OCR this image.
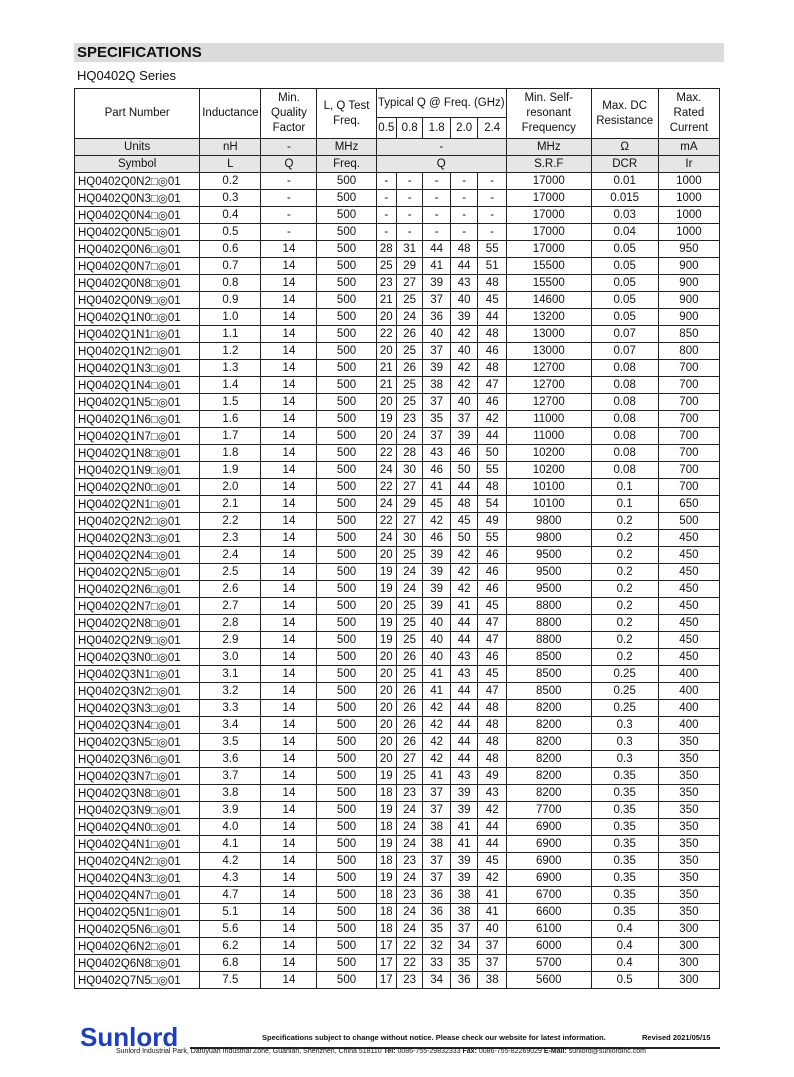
SPECIFICATIONS
HQ0402Q Series
Part Number	Inductance	Min. Quality Factor	L, Q Test Freq.	Typical Q @ Freq. (GHz)					Min. Self-resonant Frequency	Max. DC Resistance	Max. Rated Current
				0.5	0.8	1.8	2.0	2.4			
Units	nH	-	MHz	-					MHz	Ω	mA
Symbol	L	Q	Freq.	Q					S.R.F	DCR	Ir
HQ0402Q0N2□◎01	0.2	-	500	-	-	-	-	-	17000	0.01	1000
HQ0402Q0N3□◎01	0.3	-	500	-	-	-	-	-	17000	0.015	1000
HQ0402Q0N4□◎01	0.4	-	500	-	-	-	-	-	17000	0.03	1000
HQ0402Q0N5□◎01	0.5	-	500	-	-	-	-	-	17000	0.04	1000
HQ0402Q0N6□◎01	0.6	14	500	28	31	44	48	55	17000	0.05	950
HQ0402Q0N7□◎01	0.7	14	500	25	29	41	44	51	15500	0.05	900
HQ0402Q0N8□◎01	0.8	14	500	23	27	39	43	48	15500	0.05	900
HQ0402Q0N9□◎01	0.9	14	500	21	25	37	40	45	14600	0.05	900
HQ0402Q1N0□◎01	1.0	14	500	20	24	36	39	44	13200	0.05	900
HQ0402Q1N1□◎01	1.1	14	500	22	26	40	42	48	13000	0.07	850
HQ0402Q1N2□◎01	1.2	14	500	20	25	37	40	46	13000	0.07	800
HQ0402Q1N3□◎01	1.3	14	500	21	26	39	42	48	12700	0.08	700
HQ0402Q1N4□◎01	1.4	14	500	21	25	38	42	47	12700	0.08	700
HQ0402Q1N5□◎01	1.5	14	500	20	25	37	40	46	12700	0.08	700
HQ0402Q1N6□◎01	1.6	14	500	19	23	35	37	42	11000	0.08	700
HQ0402Q1N7□◎01	1.7	14	500	20	24	37	39	44	11000	0.08	700
HQ0402Q1N8□◎01	1.8	14	500	22	28	43	46	50	10200	0.08	700
HQ0402Q1N9□◎01	1.9	14	500	24	30	46	50	55	10200	0.08	700
HQ0402Q2N0□◎01	2.0	14	500	22	27	41	44	48	10100	0.1	700
HQ0402Q2N1□◎01	2.1	14	500	24	29	45	48	54	10100	0.1	650
HQ0402Q2N2□◎01	2.2	14	500	22	27	42	45	49	9800	0.2	500
HQ0402Q2N3□◎01	2.3	14	500	24	30	46	50	55	9800	0.2	450
HQ0402Q2N4□◎01	2.4	14	500	20	25	39	42	46	9500	0.2	450
HQ0402Q2N5□◎01	2.5	14	500	19	24	39	42	46	9500	0.2	450
HQ0402Q2N6□◎01	2.6	14	500	19	24	39	42	46	9500	0.2	450
HQ0402Q2N7□◎01	2.7	14	500	20	25	39	41	45	8800	0.2	450
HQ0402Q2N8□◎01	2.8	14	500	19	25	40	44	47	8800	0.2	450
HQ0402Q2N9□◎01	2.9	14	500	19	25	40	44	47	8800	0.2	450
HQ0402Q3N0□◎01	3.0	14	500	20	26	40	43	46	8500	0.2	450
HQ0402Q3N1□◎01	3.1	14	500	20	25	41	43	45	8500	0.25	400
HQ0402Q3N2□◎01	3.2	14	500	20	26	41	44	47	8500	0.25	400
HQ0402Q3N3□◎01	3.3	14	500	20	26	42	44	48	8200	0.25	400
HQ0402Q3N4□◎01	3.4	14	500	20	26	42	44	48	8200	0.3	400
HQ0402Q3N5□◎01	3.5	14	500	20	26	42	44	48	8200	0.3	350
HQ0402Q3N6□◎01	3.6	14	500	20	27	42	44	48	8200	0.3	350
HQ0402Q3N7□◎01	3.7	14	500	19	25	41	43	49	8200	0.35	350
HQ0402Q3N8□◎01	3.8	14	500	18	23	37	39	43	8200	0.35	350
HQ0402Q3N9□◎01	3.9	14	500	19	24	37	39	42	7700	0.35	350
HQ0402Q4N0□◎01	4.0	14	500	18	24	38	41	44	6900	0.35	350
HQ0402Q4N1□◎01	4.1	14	500	19	24	38	41	44	6900	0.35	350
HQ0402Q4N2□◎01	4.2	14	500	18	23	37	39	45	6900	0.35	350
HQ0402Q4N3□◎01	4.3	14	500	19	24	37	39	42	6900	0.35	350
HQ0402Q4N7□◎01	4.7	14	500	18	23	36	38	41	6700	0.35	350
HQ0402Q5N1□◎01	5.1	14	500	18	24	36	38	41	6600	0.35	350
HQ0402Q5N6□◎01	5.6	14	500	18	24	35	37	40	6100	0.4	300
HQ0402Q6N2□◎01	6.2	14	500	17	22	32	34	37	6000	0.4	300
HQ0402Q6N8□◎01	6.8	14	500	17	22	33	35	37	5700	0.4	300
HQ0402Q7N5□◎01	7.5	14	500	17	23	34	36	38	5600	0.5	300
Sunlord	Specifications subject to change without notice. Please check our website for latest information.	Revised 2021/05/15
Sunlord Industrial Park, Dafuyuan Industrial Zone, Guanlan, Shenzhen, China 518110 Tel: 0086-755-29832333 Fax: 0086-755-82269029 E-Mail: sunlord@sunlordinc.com
